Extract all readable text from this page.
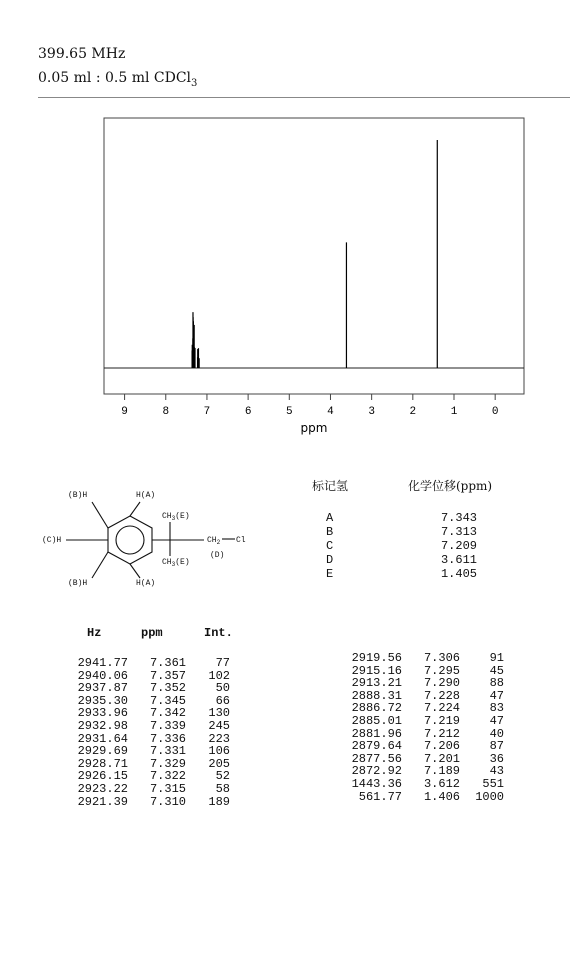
399.65 MHz
0.05 ml : 0.5 ml CDCl$_3$
9	8	7	6	5	4	3	2	1	0
ppm
(B)H	H(A)
(C)H
(B)H	H(A)
$CH_3(E)$
$CH_3(E)$
$CH_2$
(D)
Cl
标记氢	化学位移(ppm)
A	7.343
B	7.313
C	7.209
D	3.611
E	1.405
Hz	ppm	Int.
2941.77	7.361	77
2940.06	7.357	102
2937.87	7.352	50
2935.30	7.345	66
2933.96	7.342	130
2932.98	7.339	245
2931.64	7.336	223
2929.69	7.331	106
2928.71	7.329	205
2926.15	7.322	52
2923.22	7.315	58
2921.39	7.310	189
2919.56	7.306	91
2915.16	7.295	45
2913.21	7.290	88
2888.31	7.228	47
2886.72	7.224	83
2885.01	7.219	47
2881.96	7.212	40
2879.64	7.206	87
2877.56	7.201	36
2872.92	7.189	43
1443.36	3.612	551
561.77	1.406	1000
